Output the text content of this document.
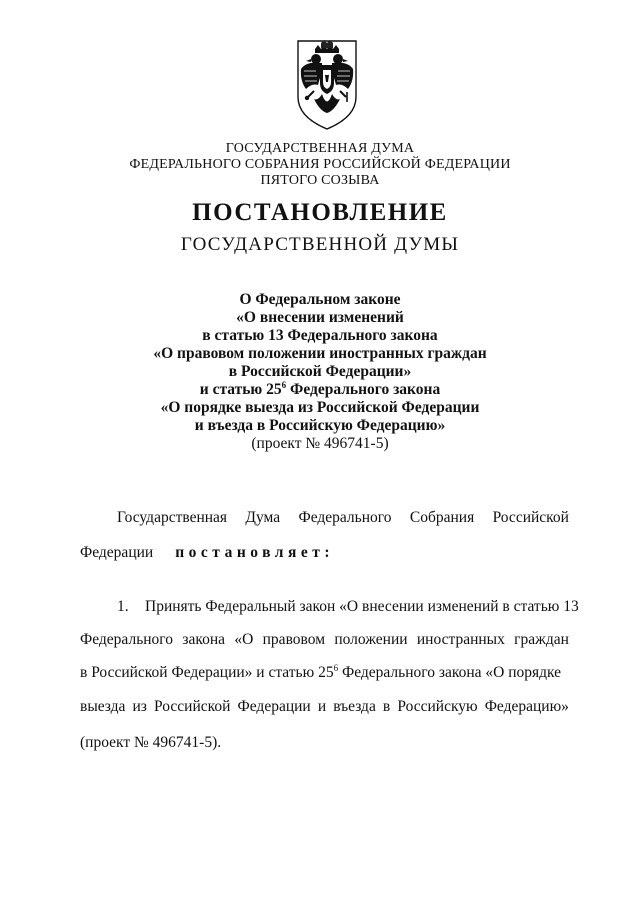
ГОСУДАРСТВЕННАЯ ДУМА
ФЕДЕРАЛЬНОГО СОБРАНИЯ РОССИЙСКОЙ ФЕДЕРАЦИИ
ПЯТОГО СОЗЫВА
ПОСТАНОВЛЕНИЕ
ГОСУДАРСТВЕННОЙ ДУМЫ
О Федеральном законе
«О внесении изменений
в статью 13 Федерального закона
«О правовом положении иностранных граждан
в Российской Федерации»
и статью $25^6$ Федерального закона
«О порядке выезда из Российской Федерации
и въезда в Российскую Федерацию»
(проект № 496741-5)
Государственная Дума Федерального Собрания Российской
Федерации постановляет:
1. Принять Федеральный закон «О внесении изменений в статью 13
Федерального закона «О правовом положении иностранных граждан
в Российской Федерации» и статью $25^6$ Федерального закона «О порядке
выезда из Российской Федерации и въезда в Российскую Федерацию»
(проект № 496741-5).
